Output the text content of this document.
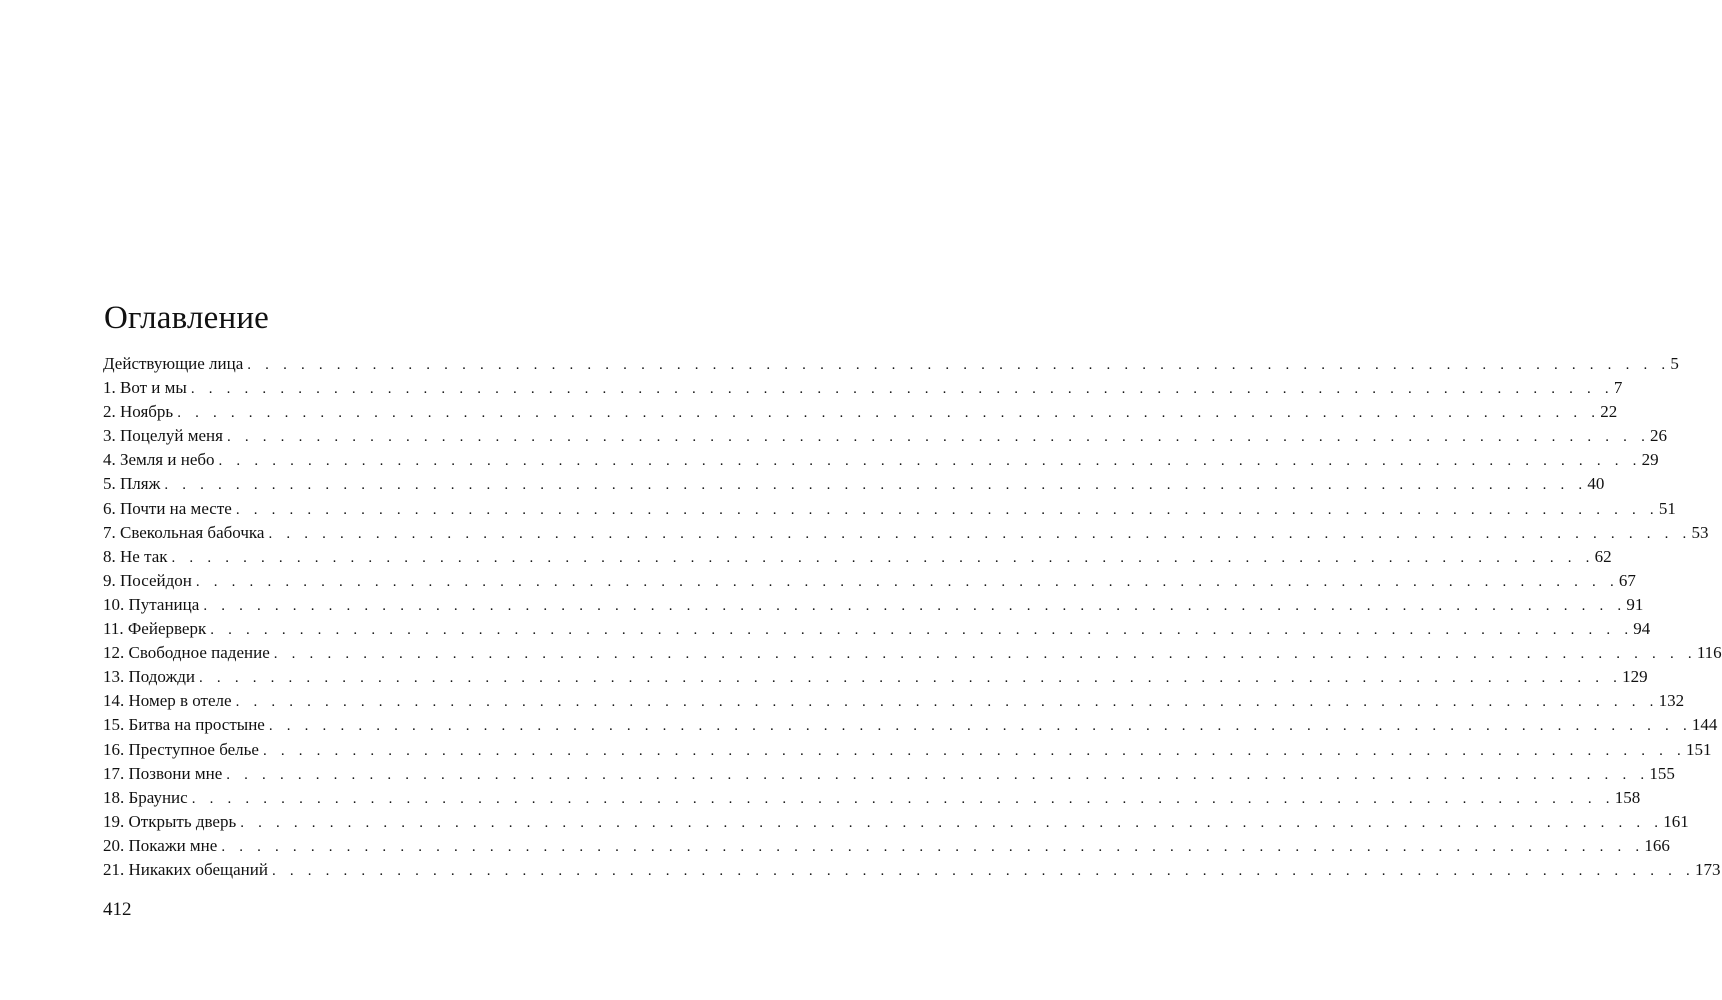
Оглавление
Действующие лица . . . . . . . . . . . . . . . . . . . . . . . . . . . . . . . . . . . . . . . . . . . . . . . . . . . . . . . . . . . . . . . . . . . . . . . . . . . . . . . . 5
1. Вот и мы . . . . . . . . . . . . . . . . . . . . . . . . . . . . . . . . . . . . . . . . . . . . . . . . . . . . . . . . . . . . . . . . . . . . . . . . . . . . . . . . 7
2. Ноябрь . . . . . . . . . . . . . . . . . . . . . . . . . . . . . . . . . . . . . . . . . . . . . . . . . . . . . . . . . . . . . . . . . . . . . . . . . . . . . . . . 22
3. Поцелуй меня . . . . . . . . . . . . . . . . . . . . . . . . . . . . . . . . . . . . . . . . . . . . . . . . . . . . . . . . . . . . . . . . . . . . . . . . . . . . . . . . 26
4. Земля и небо . . . . . . . . . . . . . . . . . . . . . . . . . . . . . . . . . . . . . . . . . . . . . . . . . . . . . . . . . . . . . . . . . . . . . . . . . . . . . . . . 29
5. Пляж . . . . . . . . . . . . . . . . . . . . . . . . . . . . . . . . . . . . . . . . . . . . . . . . . . . . . . . . . . . . . . . . . . . . . . . . . . . . . . . . 40
6. Почти на месте . . . . . . . . . . . . . . . . . . . . . . . . . . . . . . . . . . . . . . . . . . . . . . . . . . . . . . . . . . . . . . . . . . . . . . . . . . . . . . . . 51
7. Свекольная бабочка . . . . . . . . . . . . . . . . . . . . . . . . . . . . . . . . . . . . . . . . . . . . . . . . . . . . . . . . . . . . . . . . . . . . . . . . . . . . . . . . 53
8. Не так . . . . . . . . . . . . . . . . . . . . . . . . . . . . . . . . . . . . . . . . . . . . . . . . . . . . . . . . . . . . . . . . . . . . . . . . . . . . . . . . 62
9. Посейдон . . . . . . . . . . . . . . . . . . . . . . . . . . . . . . . . . . . . . . . . . . . . . . . . . . . . . . . . . . . . . . . . . . . . . . . . . . . . . . . . 67
10. Путаница . . . . . . . . . . . . . . . . . . . . . . . . . . . . . . . . . . . . . . . . . . . . . . . . . . . . . . . . . . . . . . . . . . . . . . . . . . . . . . . . 91
11. Фейерверк . . . . . . . . . . . . . . . . . . . . . . . . . . . . . . . . . . . . . . . . . . . . . . . . . . . . . . . . . . . . . . . . . . . . . . . . . . . . . . . . 94
12. Свободное падение . . . . . . . . . . . . . . . . . . . . . . . . . . . . . . . . . . . . . . . . . . . . . . . . . . . . . . . . . . . . . . . . . . . . . . . . . . . . . . . . 116
13. Подожди . . . . . . . . . . . . . . . . . . . . . . . . . . . . . . . . . . . . . . . . . . . . . . . . . . . . . . . . . . . . . . . . . . . . . . . . . . . . . . . . 129
14. Номер в отеле . . . . . . . . . . . . . . . . . . . . . . . . . . . . . . . . . . . . . . . . . . . . . . . . . . . . . . . . . . . . . . . . . . . . . . . . . . . . . . . . 132
15. Битва на простыне . . . . . . . . . . . . . . . . . . . . . . . . . . . . . . . . . . . . . . . . . . . . . . . . . . . . . . . . . . . . . . . . . . . . . . . . . . . . . . . . 144
16. Преступное белье . . . . . . . . . . . . . . . . . . . . . . . . . . . . . . . . . . . . . . . . . . . . . . . . . . . . . . . . . . . . . . . . . . . . . . . . . . . . . . . . 151
17. Позвони мне . . . . . . . . . . . . . . . . . . . . . . . . . . . . . . . . . . . . . . . . . . . . . . . . . . . . . . . . . . . . . . . . . . . . . . . . . . . . . . . . 155
18. Браунис . . . . . . . . . . . . . . . . . . . . . . . . . . . . . . . . . . . . . . . . . . . . . . . . . . . . . . . . . . . . . . . . . . . . . . . . . . . . . . . . 158
19. Открыть дверь . . . . . . . . . . . . . . . . . . . . . . . . . . . . . . . . . . . . . . . . . . . . . . . . . . . . . . . . . . . . . . . . . . . . . . . . . . . . . . . . 161
20. Покажи мне . . . . . . . . . . . . . . . . . . . . . . . . . . . . . . . . . . . . . . . . . . . . . . . . . . . . . . . . . . . . . . . . . . . . . . . . . . . . . . . . 166
21. Никаких обещаний . . . . . . . . . . . . . . . . . . . . . . . . . . . . . . . . . . . . . . . . . . . . . . . . . . . . . . . . . . . . . . . . . . . . . . . . . . . . . . . . 173
412
